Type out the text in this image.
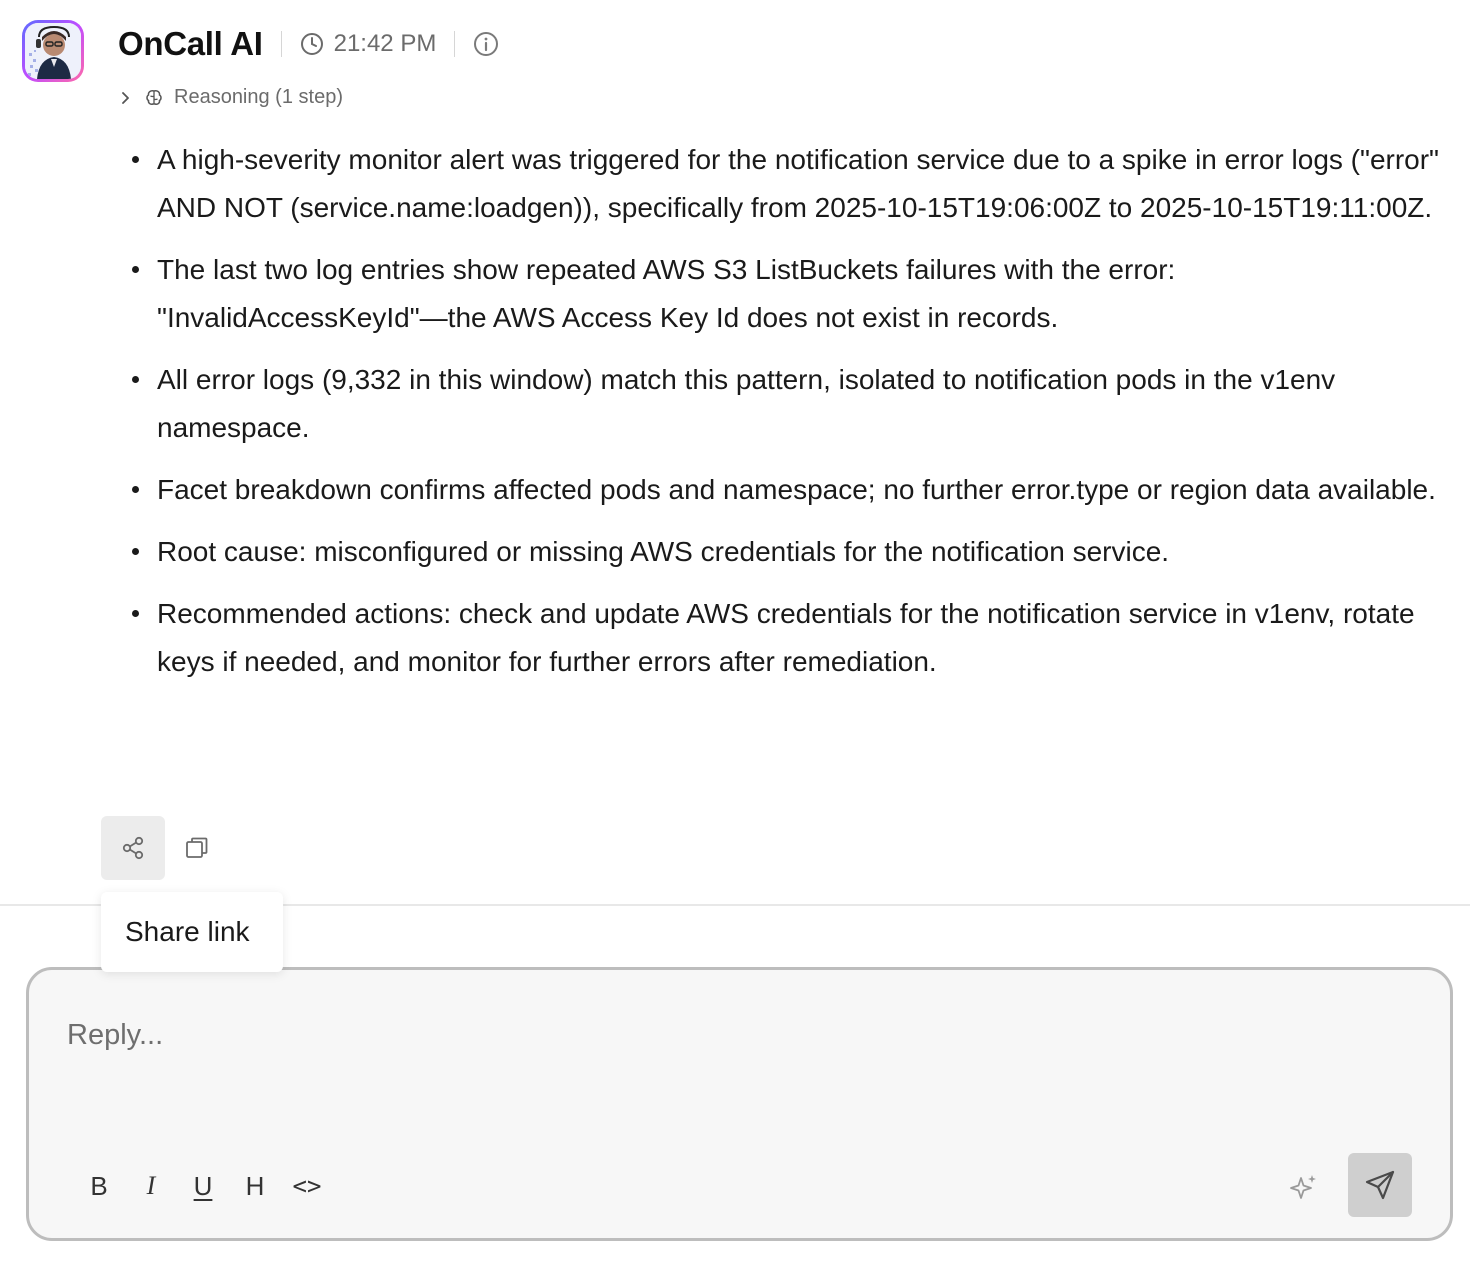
OnCall AI	21:42 PM
Reasoning (1 step)
A high-severity monitor alert was triggered for the notification service due to a spike in error logs ("error" AND NOT (service.name:loadgen)), specifically from 2025-10-15T19:06:00Z to 2025-10-15T19:11:00Z.
The last two log entries show repeated AWS S3 ListBuckets failures with the error: "InvalidAccessKeyId"—the AWS Access Key Id does not exist in records.
All error logs (9,332 in this window) match this pattern, isolated to notification pods in the v1env namespace.
Facet breakdown confirms affected pods and namespace; no further error.type or region data available.
Root cause: misconfigured or missing AWS credentials for the notification service.
Recommended actions: check and update AWS credentials for the notification service in v1env, rotate keys if needed, and monitor for further errors after remediation.
Share link
Reply...
B	I	U	H	<>
